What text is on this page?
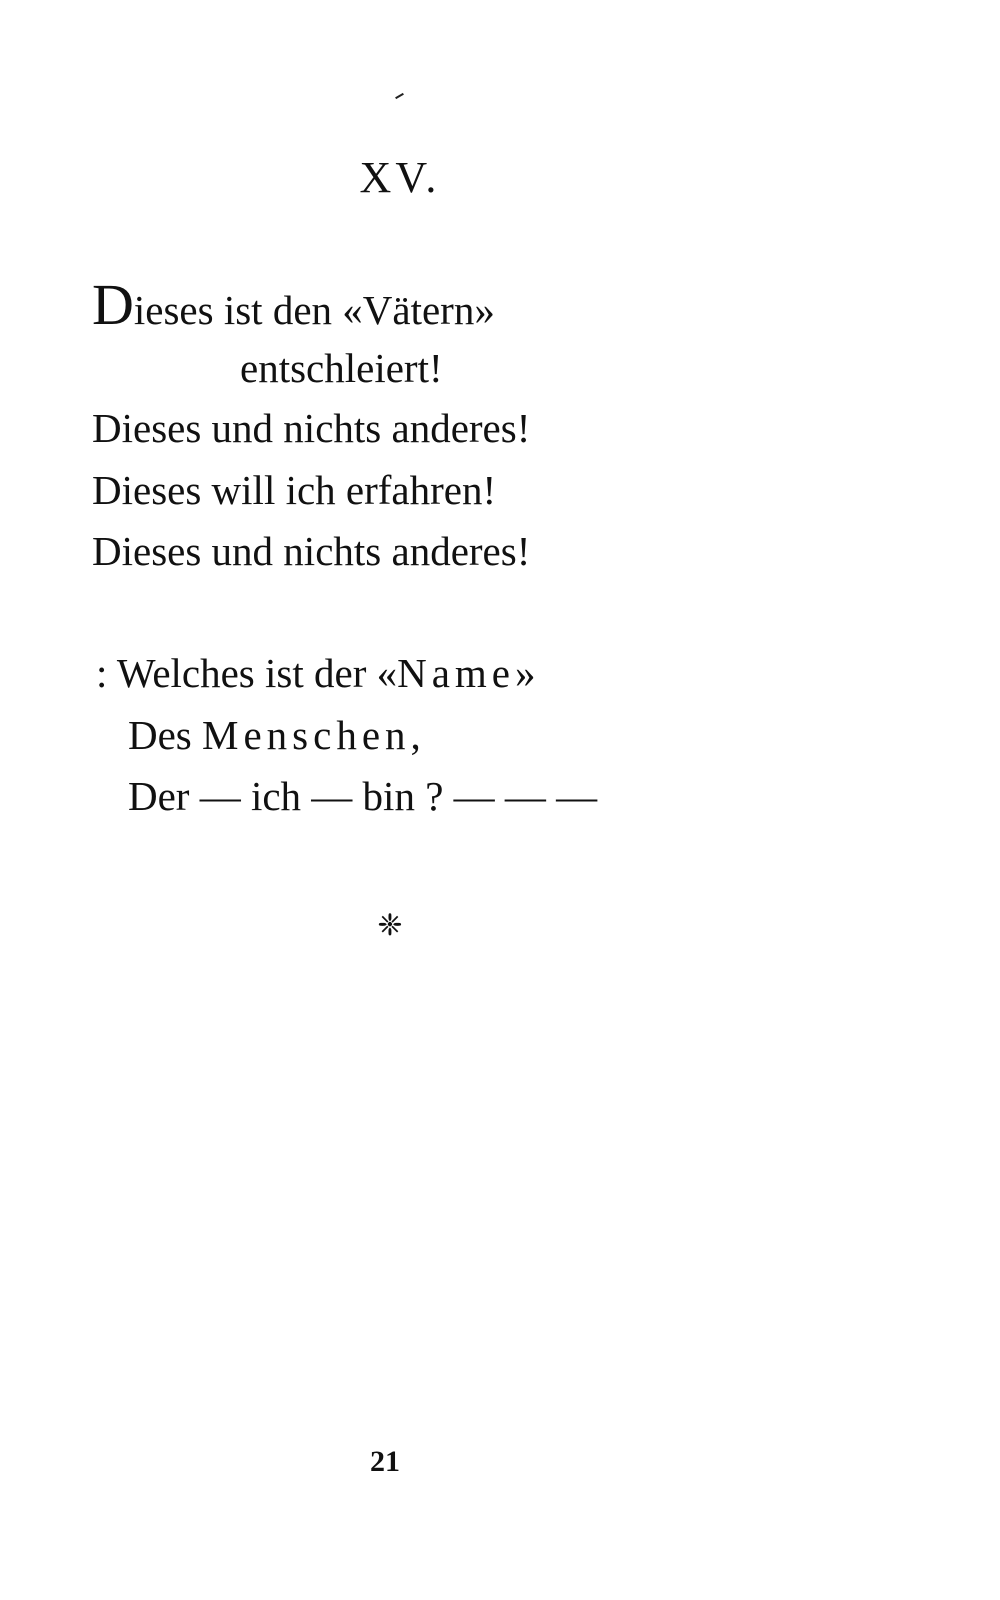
XV.
Dieses ist den «Vätern»
entschleiert!
Dieses und nichts anderes!
Dieses will ich erfahren!
Dieses und nichts anderes!
: Welches ist der «Name»
Des Menschen,
Der — ich — bin ? — — —
❈
21
